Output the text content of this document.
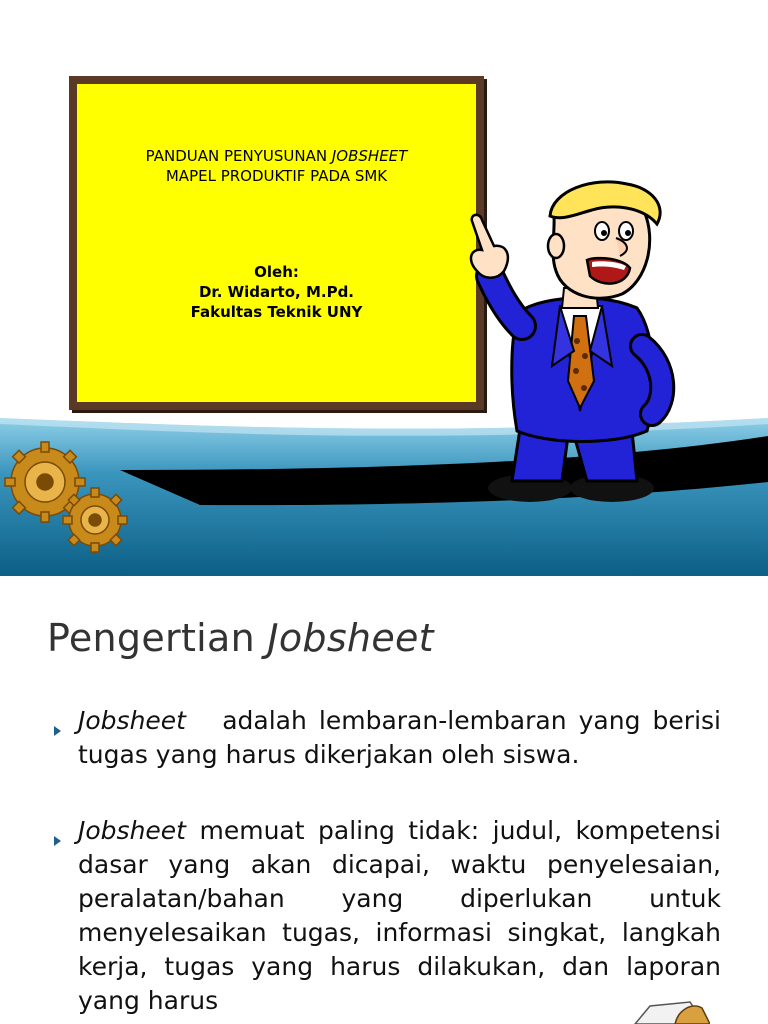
PANDUAN PENYUSUNAN JOBSHEET
MAPEL PRODUKTIF PADA SMK
Oleh:
Dr. Widarto, M.Pd.
Fakultas Teknik UNY
Pengertian Jobsheet
Jobsheet adalah lembaran-lembaran yang berisi tugas yang harus dikerjakan oleh siswa.
Jobsheet memuat paling tidak: judul, kompetensi dasar yang akan dicapai, waktu penyelesaian, peralatan/bahan yang diperlukan untuk menyelesaikan tugas, informasi singkat, langkah kerja, tugas yang harus dilakukan, dan laporan yang harus
